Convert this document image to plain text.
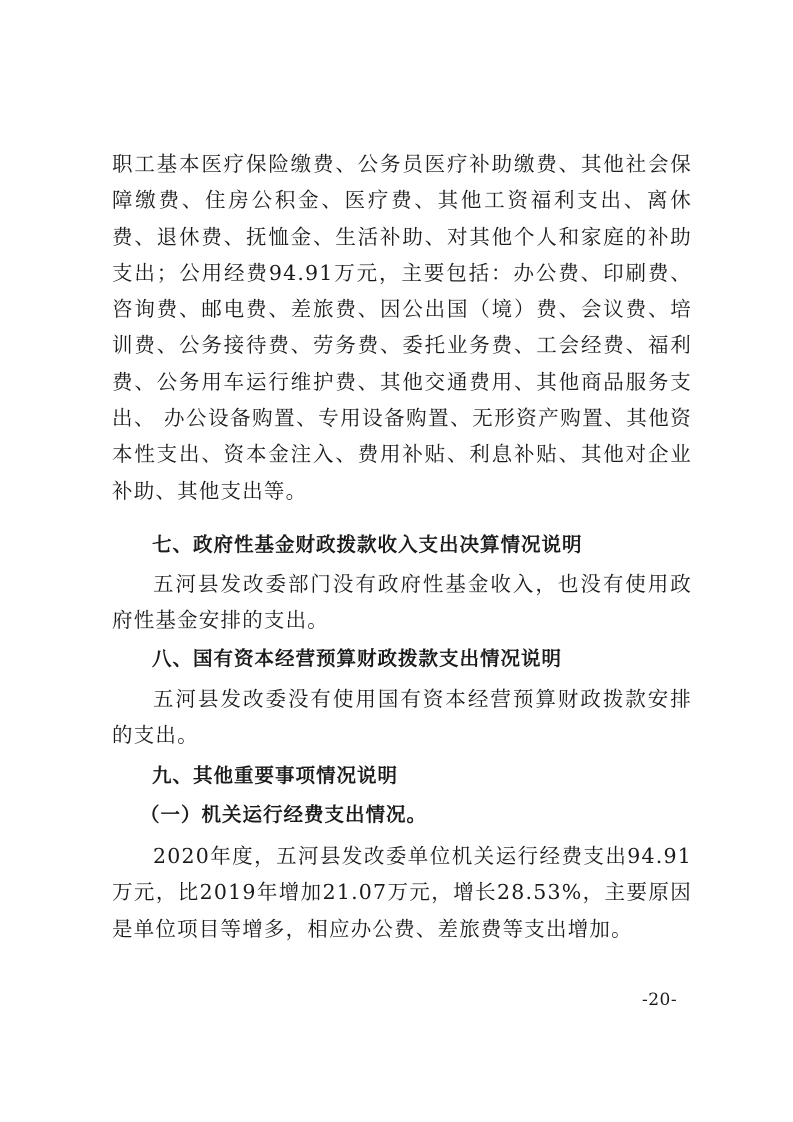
职工基本医疗保险缴费、公务员医疗补助缴费、其他社会保障缴费、住房公积金、医疗费、其他工资福利支出、离休费、退休费、抚恤金、生活补助、对其他个人和家庭的补助支出；公用经费94.91万元，主要包括：办公费、印刷费、咨询费、邮电费、差旅费、因公出国（境）费、会议费、培训费、公务接待费、劳务费、委托业务费、工会经费、福利费、公务用车运行维护费、其他交通费用、其他商品服务支出、 办公设备购置、专用设备购置、无形资产购置、其他资本性支出、资本金注入、费用补贴、利息补贴、其他对企业补助、其他支出等。

七、政府性基金财政拨款收入支出决算情况说明

五河县发改委部门没有政府性基金收入，也没有使用政府性基金安排的支出。

八、国有资本经营预算财政拨款支出情况说明

五河县发改委没有使用国有资本经营预算财政拨款安排的支出。

九、其他重要事项情况说明
（一）机关运行经费支出情况。

2020年度，五河县发改委单位机关运行经费支出94.91万元，比2019年增加21.07万元，增长28.53%，主要原因是单位项目等增多，相应办公费、差旅费等支出增加。

-20-
